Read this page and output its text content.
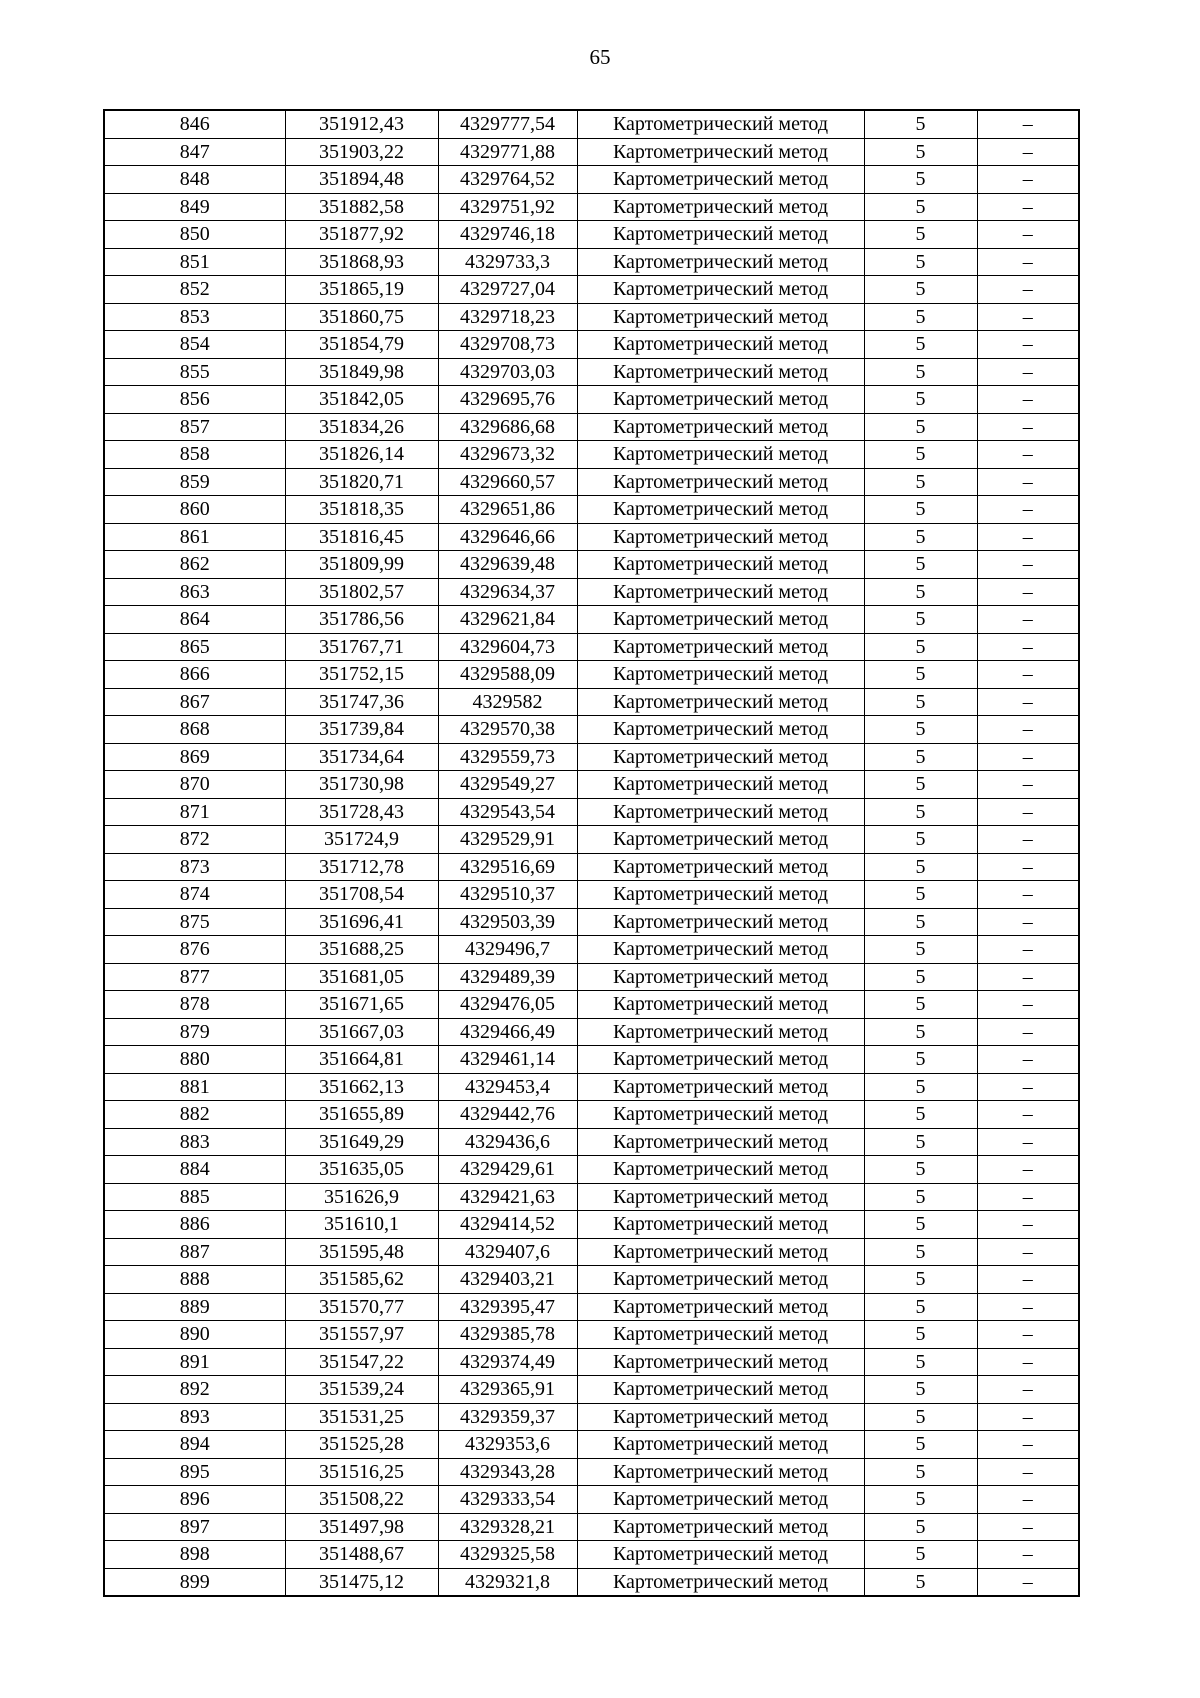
65
846	351912,43	4329777,54	Картометрический метод	5	–
847	351903,22	4329771,88	Картометрический метод	5	–
848	351894,48	4329764,52	Картометрический метод	5	–
849	351882,58	4329751,92	Картометрический метод	5	–
850	351877,92	4329746,18	Картометрический метод	5	–
851	351868,93	4329733,3	Картометрический метод	5	–
852	351865,19	4329727,04	Картометрический метод	5	–
853	351860,75	4329718,23	Картометрический метод	5	–
854	351854,79	4329708,73	Картометрический метод	5	–
855	351849,98	4329703,03	Картометрический метод	5	–
856	351842,05	4329695,76	Картометрический метод	5	–
857	351834,26	4329686,68	Картометрический метод	5	–
858	351826,14	4329673,32	Картометрический метод	5	–
859	351820,71	4329660,57	Картометрический метод	5	–
860	351818,35	4329651,86	Картометрический метод	5	–
861	351816,45	4329646,66	Картометрический метод	5	–
862	351809,99	4329639,48	Картометрический метод	5	–
863	351802,57	4329634,37	Картометрический метод	5	–
864	351786,56	4329621,84	Картометрический метод	5	–
865	351767,71	4329604,73	Картометрический метод	5	–
866	351752,15	4329588,09	Картометрический метод	5	–
867	351747,36	4329582	Картометрический метод	5	–
868	351739,84	4329570,38	Картометрический метод	5	–
869	351734,64	4329559,73	Картометрический метод	5	–
870	351730,98	4329549,27	Картометрический метод	5	–
871	351728,43	4329543,54	Картометрический метод	5	–
872	351724,9	4329529,91	Картометрический метод	5	–
873	351712,78	4329516,69	Картометрический метод	5	–
874	351708,54	4329510,37	Картометрический метод	5	–
875	351696,41	4329503,39	Картометрический метод	5	–
876	351688,25	4329496,7	Картометрический метод	5	–
877	351681,05	4329489,39	Картометрический метод	5	–
878	351671,65	4329476,05	Картометрический метод	5	–
879	351667,03	4329466,49	Картометрический метод	5	–
880	351664,81	4329461,14	Картометрический метод	5	–
881	351662,13	4329453,4	Картометрический метод	5	–
882	351655,89	4329442,76	Картометрический метод	5	–
883	351649,29	4329436,6	Картометрический метод	5	–
884	351635,05	4329429,61	Картометрический метод	5	–
885	351626,9	4329421,63	Картометрический метод	5	–
886	351610,1	4329414,52	Картометрический метод	5	–
887	351595,48	4329407,6	Картометрический метод	5	–
888	351585,62	4329403,21	Картометрический метод	5	–
889	351570,77	4329395,47	Картометрический метод	5	–
890	351557,97	4329385,78	Картометрический метод	5	–
891	351547,22	4329374,49	Картометрический метод	5	–
892	351539,24	4329365,91	Картометрический метод	5	–
893	351531,25	4329359,37	Картометрический метод	5	–
894	351525,28	4329353,6	Картометрический метод	5	–
895	351516,25	4329343,28	Картометрический метод	5	–
896	351508,22	4329333,54	Картометрический метод	5	–
897	351497,98	4329328,21	Картометрический метод	5	–
898	351488,67	4329325,58	Картометрический метод	5	–
899	351475,12	4329321,8	Картометрический метод	5	–
